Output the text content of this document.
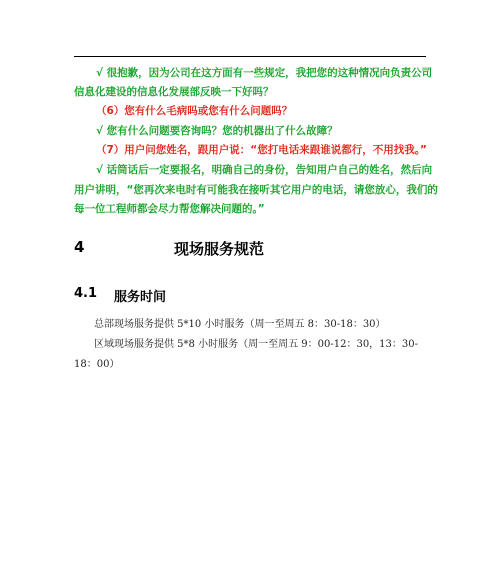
√ 很抱歉，因为公司在这方面有一些规定，我把您的这种情况向负责公司
信息化建设的信息化发展部反映一下好吗？
（6）您有什么毛病吗或您有什么问题吗？
√ 您有什么问题要咨询吗？您的机器出了什么故障？
（7）用户问您姓名，跟用户说：“您打电话来跟谁说都行，不用找我。”
√ 话筒话后一定要报名，明确自己的身份，告知用户自己的姓名，然后向
用户讲明，“您再次来电时有可能我在接听其它用户的电话，请您放心，我们的
每一位工程师都会尽力帮您解决问题的。”
4	现场服务规范
4.1 服务时间
总部现场服务提供 5*10 小时服务（周一至周五 8：30-18：30）
区域现场服务提供 5*8 小时服务（周一至周五 9：00-12：30，13：30-
18：00）
